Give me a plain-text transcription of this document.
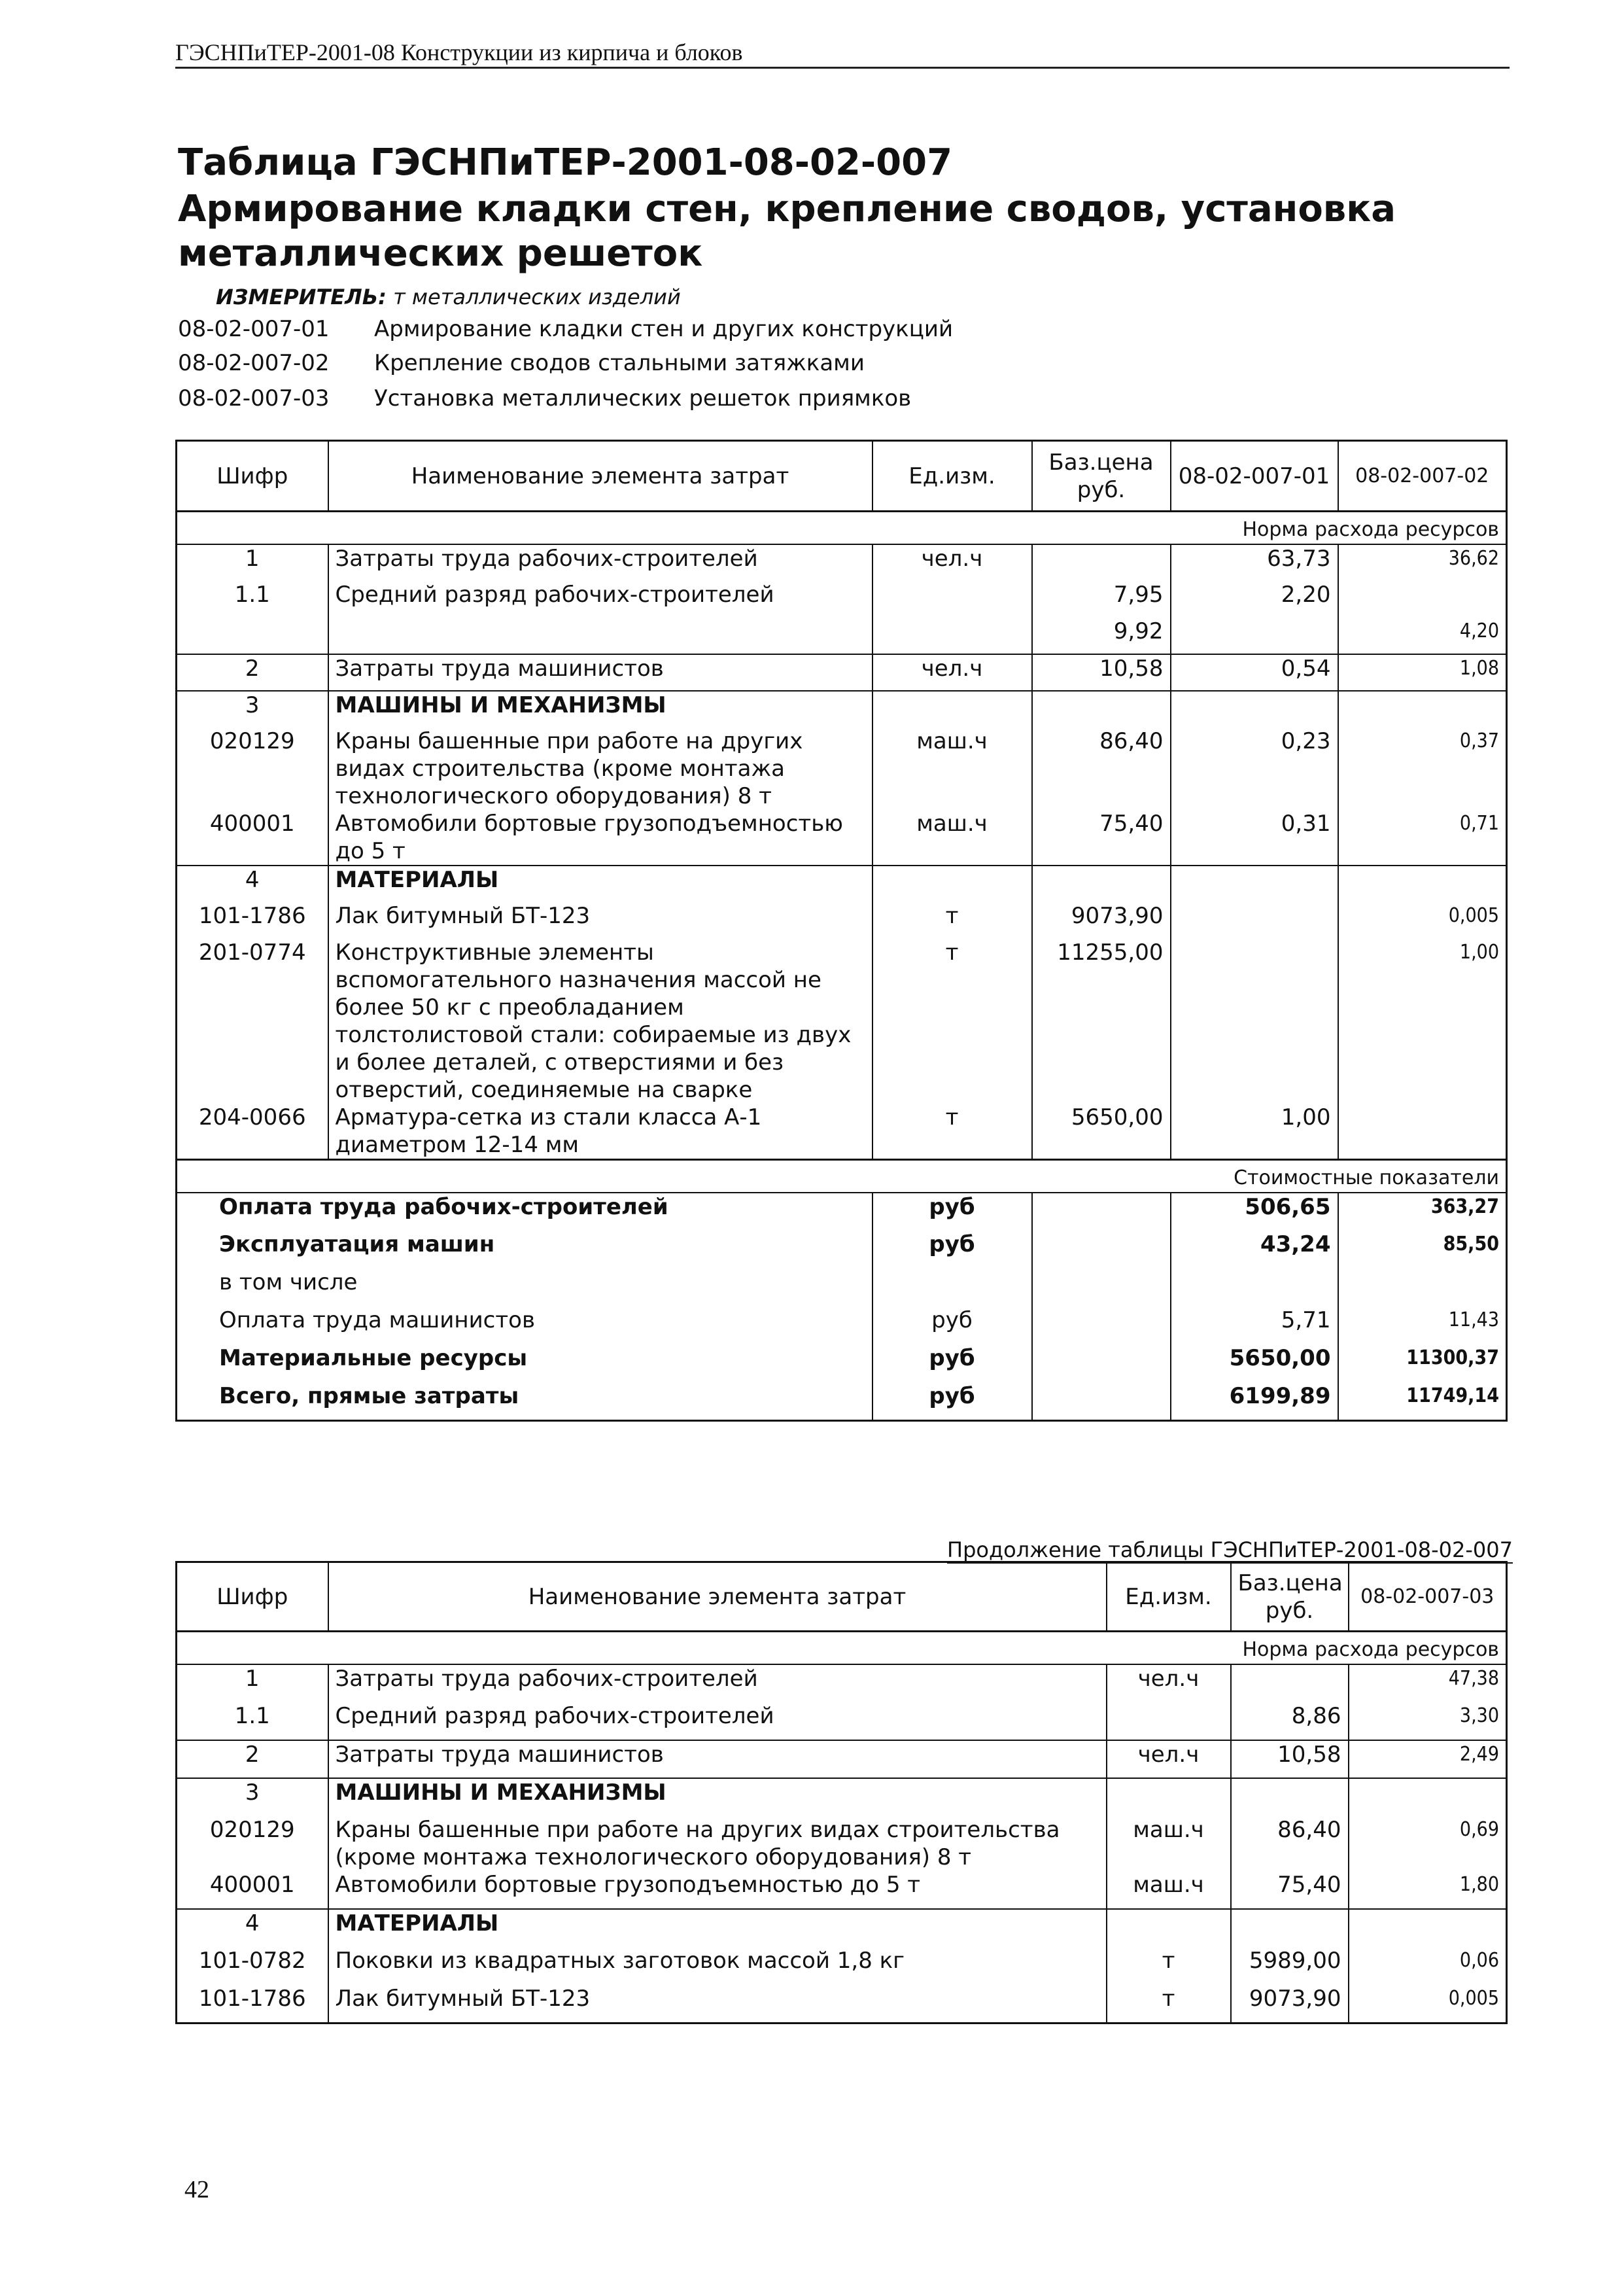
ГЭСНПиТЕР-2001-08 Конструкции из кирпича и блоков
Таблица ГЭСНПиТЕР-2001-08-02-007
Армирование кладки стен, крепление сводов, установка
металлических решеток
ИЗМЕРИТЕЛЬ: т металлических изделий
08-02-007-01 Армирование кладки стен и других конструкций
08-02-007-02 Крепление сводов стальными затяжками
08-02-007-03 Установка металлических решеток приямков
Шифр	Наименование элемента затрат	Ед.изм.	Баз.цена руб.	08-02-007-01	08-02-007-02
Норма расхода ресурсов					
1	Затраты труда рабочих-строителей	чел.ч		63,73	36,62
1.1	Средний разряд рабочих-строителей		7,95	2,20	
			9,92		4,20
2	Затраты труда машинистов	чел.ч	10,58	0,54	1,08
3	МАШИНЫ И МЕХАНИЗМЫ				
020129	Краны башенные при работе на других видах строительства (кроме монтажа технологического оборудования) 8 т	маш.ч	86,40	0,23	0,37
400001	Автомобили бортовые грузоподъемностью до 5 т	маш.ч	75,40	0,31	0,71
4	МАТЕРИАЛЫ				
101-1786	Лак битумный БТ-123	т	9073,90		0,005
201-0774	Конструктивные элементы вспомогательного назначения массой не более 50 кг с преобладанием толстолистовой стали: собираемые из двух и более деталей, с отверстиями и без отверстий, соединяемые на сварке	т	11255,00		1,00
204-0066	Арматура-сетка из стали класса А-1 диаметром 12-14 мм	т	5650,00	1,00	
Стоимостные показатели					
Оплата труда рабочих-строителей		руб		506,65	363,27
Эксплуатация машин		руб		43,24	85,50
в том числе					
Оплата труда машинистов		руб		5,71	11,43
Материальные ресурсы		руб		5650,00	11300,37
Всего, прямые затраты		руб		6199,89	11749,14
Продолжение таблицы ГЭСНПиТЕР-2001-08-02-007
Шифр	Наименование элемента затрат	Ед.изм.	Баз.цена руб.	08-02-007-03
Норма расхода ресурсов				
1	Затраты труда рабочих-строителей	чел.ч		47,38
1.1	Средний разряд рабочих-строителей		8,86	3,30
2	Затраты труда машинистов	чел.ч	10,58	2,49
3	МАШИНЫ И МЕХАНИЗМЫ			
020129	Краны башенные при работе на других видах строительства (кроме монтажа технологического оборудования) 8 т	маш.ч	86,40	0,69
400001	Автомобили бортовые грузоподъемностью до 5 т	маш.ч	75,40	1,80
4	МАТЕРИАЛЫ			
101-0782	Поковки из квадратных заготовок массой 1,8 кг	т	5989,00	0,06
101-1786	Лак битумный БТ-123	т	9073,90	0,005
42
